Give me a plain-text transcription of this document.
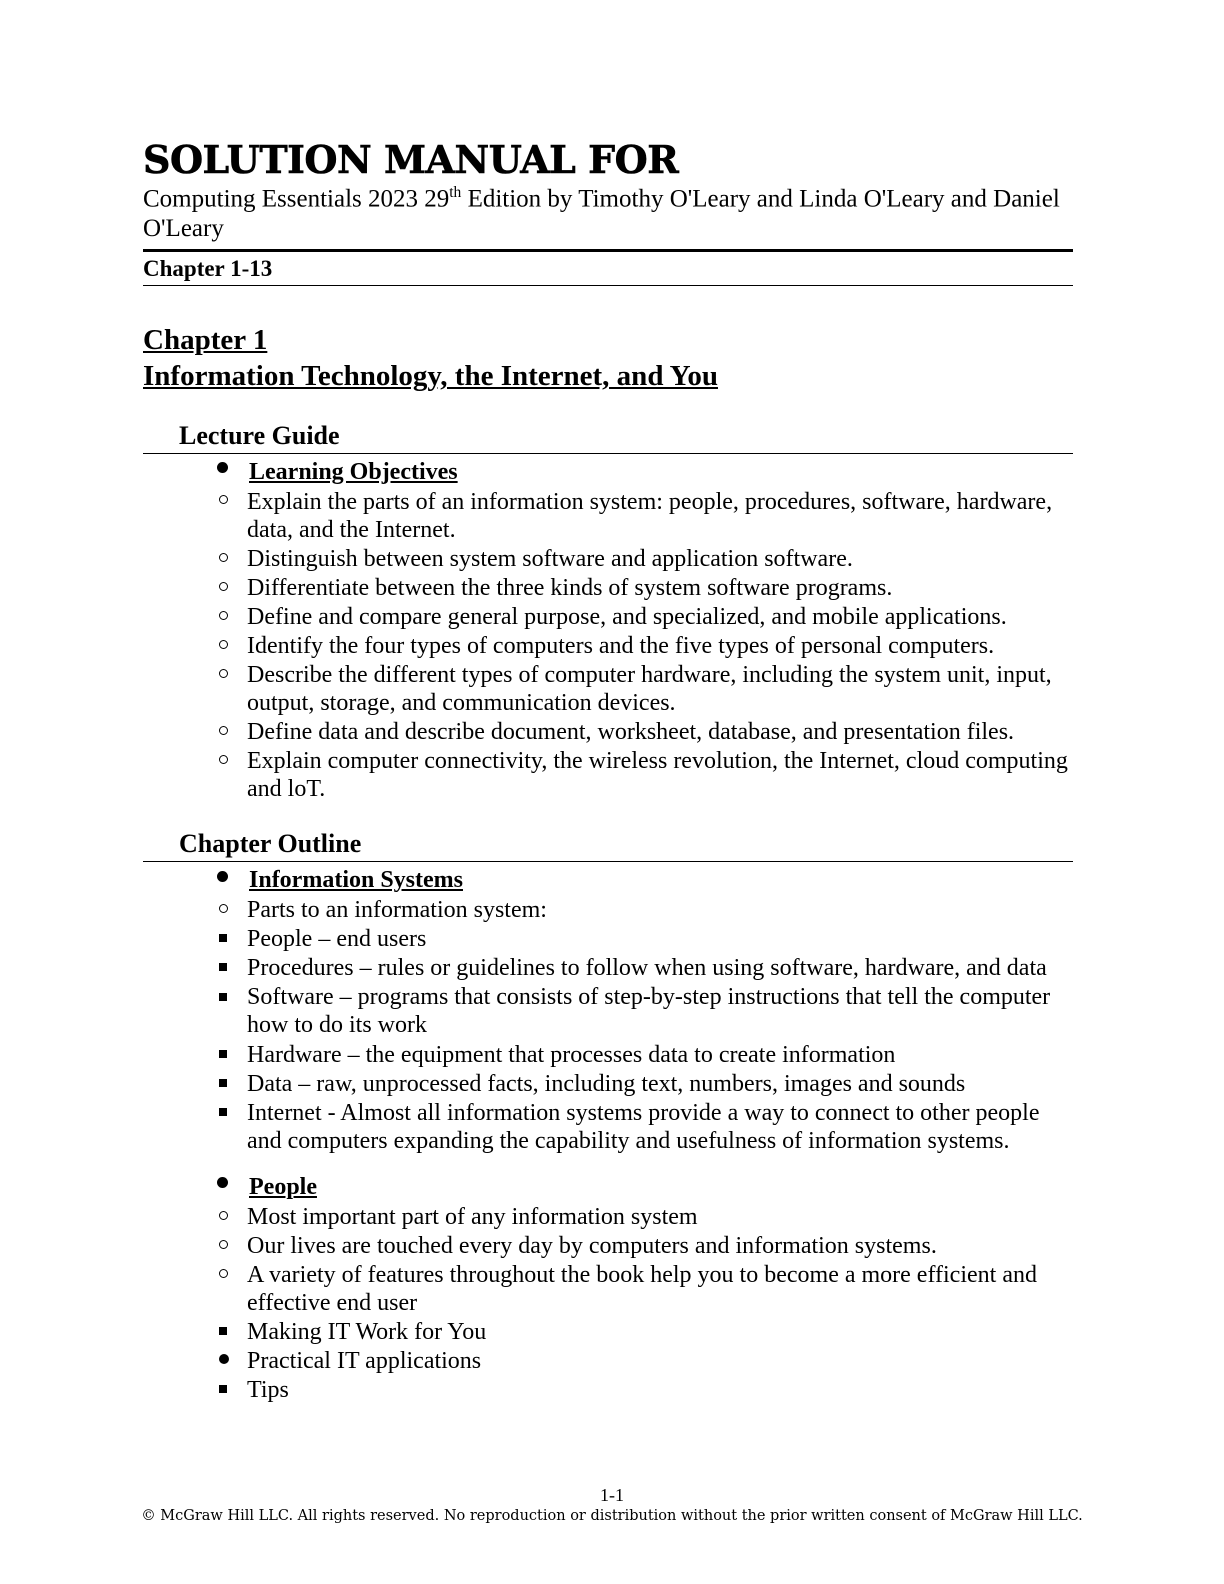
SOLUTION MANUAL FOR
Computing Essentials 2023 29th Edition by Timothy O'Leary and Linda O'Leary and Daniel O'Leary
Chapter 1-13
Chapter 1
Information Technology, the Internet, and You
Lecture Guide
Learning Objectives
Explain the parts of an information system: people, procedures, software, hardware, data, and the Internet.
Distinguish between system software and application software.
Differentiate between the three kinds of system software programs.
Define and compare general purpose, and specialized, and mobile applications.
Identify the four types of computers and the five types of personal computers.
Describe the different types of computer hardware, including the system unit, input, output, storage, and communication devices.
Define data and describe document, worksheet, database, and presentation files.
Explain computer connectivity, the wireless revolution, the Internet, cloud computing and loT.
Chapter Outline
Information Systems
Parts to an information system:
People – end users
Procedures – rules or guidelines to follow when using software, hardware, and data
Software – programs that consists of step-by-step instructions that tell the computer how to do its work
Hardware – the equipment that processes data to create information
Data – raw, unprocessed facts, including text, numbers, images and sounds
Internet - Almost all information systems provide a way to connect to other people and computers expanding the capability and usefulness of information systems.
People
Most important part of any information system
Our lives are touched every day by computers and information systems.
A variety of features throughout the book help you to become a more efficient and effective end user
Making IT Work for You
Practical IT applications
Tips
1-1
© McGraw Hill LLC. All rights reserved. No reproduction or distribution without the prior written consent of McGraw Hill LLC.
